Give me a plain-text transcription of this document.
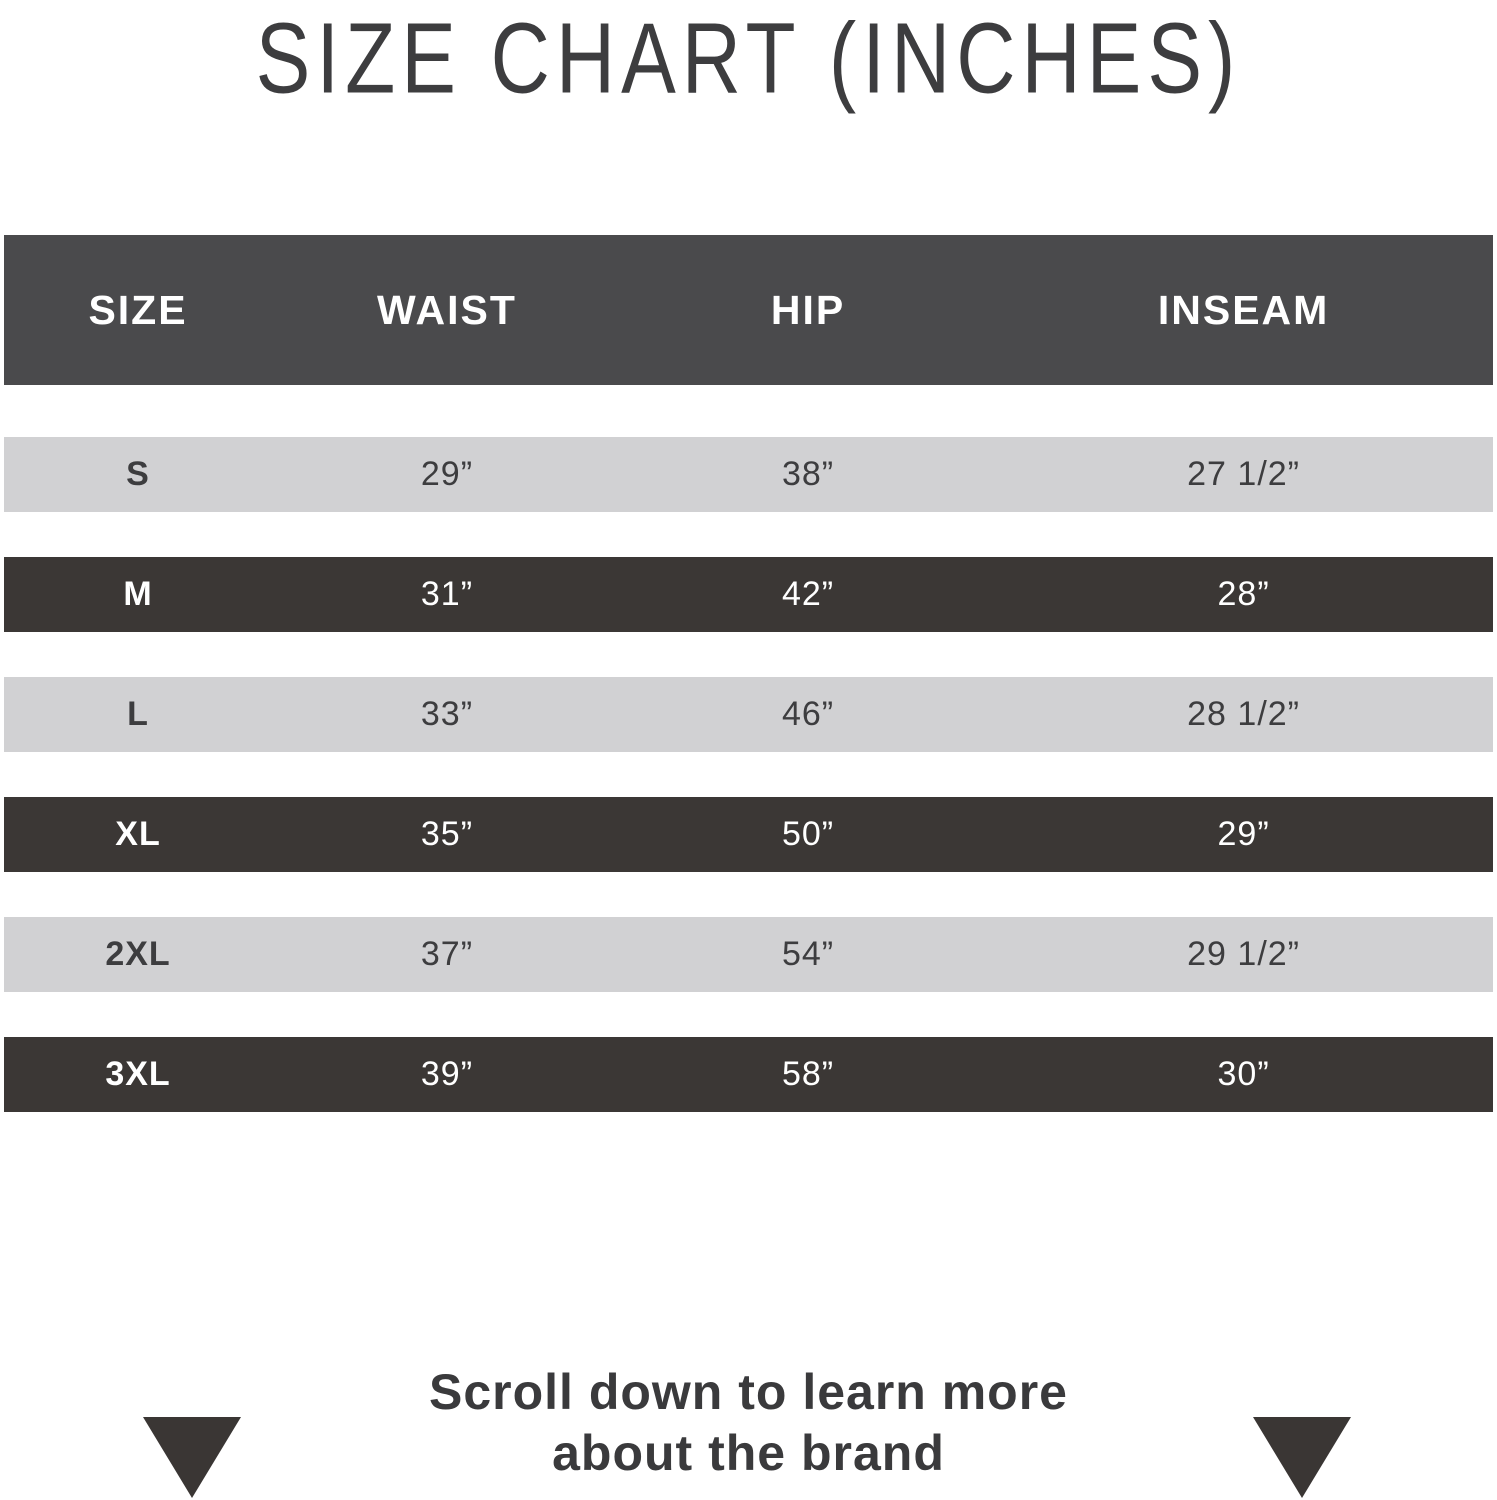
SIZE CHART (INCHES)
SIZE	WAIST	HIP	INSEAM
S	29”	38”	27 1/2”
M	31”	42”	28”
L	33”	46”	28 1/2”
XL	35”	50”	29”
2XL	37”	54”	29 1/2”
3XL	39”	58”	30”
Scroll down to learn more
about the brand
